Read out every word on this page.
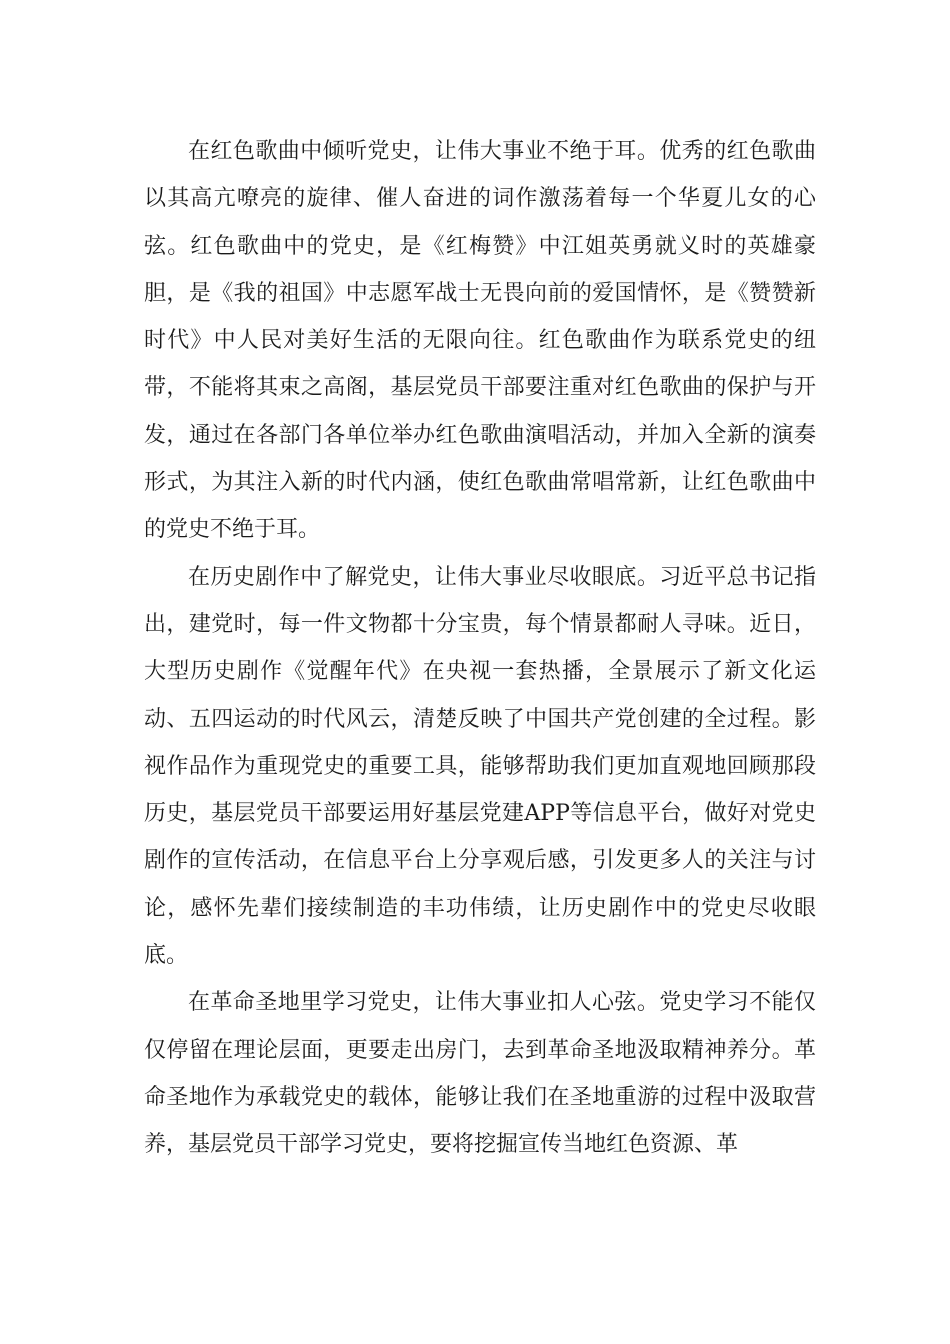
在红色歌曲中倾听党史，让伟大事业不绝于耳。优秀的红色歌曲以其高亢嘹亮的旋律、催人奋进的词作激荡着每一个华夏儿女的心弦。红色歌曲中的党史，是《红梅赞》中江姐英勇就义时的英雄豪胆，是《我的祖国》中志愿军战士无畏向前的爱国情怀，是《赞赞新时代》中人民对美好生活的无限向往。红色歌曲作为联系党史的纽带，不能将其束之高阁，基层党员干部要注重对红色歌曲的保护与开发，通过在各部门各单位举办红色歌曲演唱活动，并加入全新的演奏形式，为其注入新的时代内涵，使红色歌曲常唱常新，让红色歌曲中的党史不绝于耳。

在历史剧作中了解党史，让伟大事业尽收眼底。习近平总书记指出，建党时，每一件文物都十分宝贵，每个情景都耐人寻味。近日，大型历史剧作《觉醒年代》在央视一套热播，全景展示了新文化运动、五四运动的时代风云，清楚反映了中国共产党创建的全过程。影视作品作为重现党史的重要工具，能够帮助我们更加直观地回顾那段历史，基层党员干部要运用好基层党建APP等信息平台，做好对党史剧作的宣传活动，在信息平台上分享观后感，引发更多人的关注与讨论，感怀先辈们接续制造的丰功伟绩，让历史剧作中的党史尽收眼底。

在革命圣地里学习党史，让伟大事业扣人心弦。党史学习不能仅仅停留在理论层面，更要走出房门，去到革命圣地汲取精神养分。革命圣地作为承载党史的载体，能够让我们在圣地重游的过程中汲取营养，基层党员干部学习党史，要将挖掘宣传当地红色资源、革
